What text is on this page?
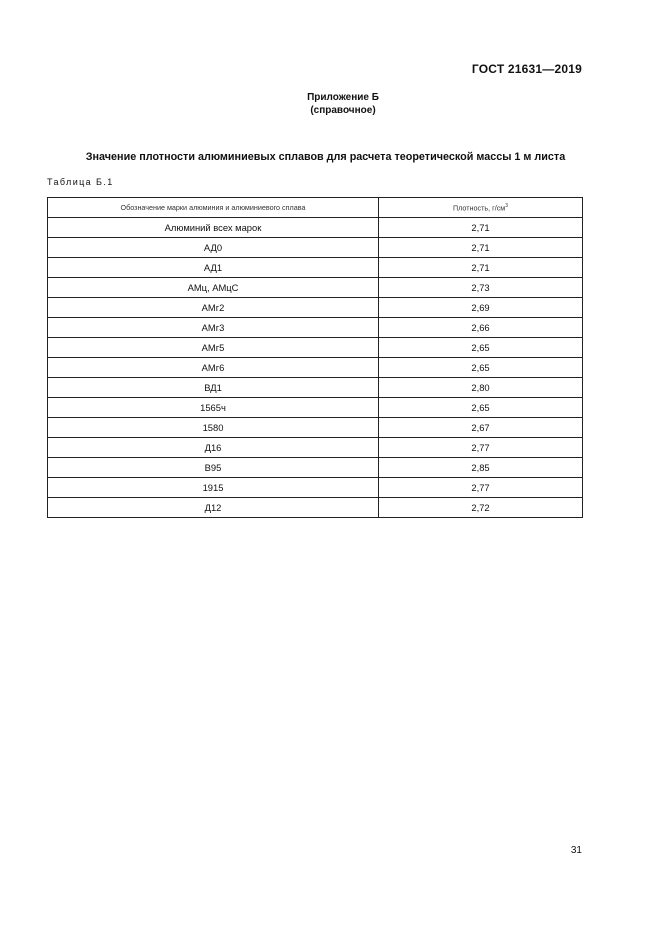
ГОСТ 21631—2019
Приложение Б
(справочное)
Значение плотности алюминиевых сплавов для расчета теоретической массы 1 м листа
Таблица Б.1
Обозначение марки алюминия и алюминиевого сплава	Плотность, $г/см^3$
Алюминий всех марок	2,71
АД0	2,71
АД1	2,71
АМц, АМцС	2,73
АМг2	2,69
АМг3	2,66
АМг5	2,65
АМг6	2,65
ВД1	2,80
1565ч	2,65
1580	2,67
Д16	2,77
В95	2,85
1915	2,77
Д12	2,72
31
